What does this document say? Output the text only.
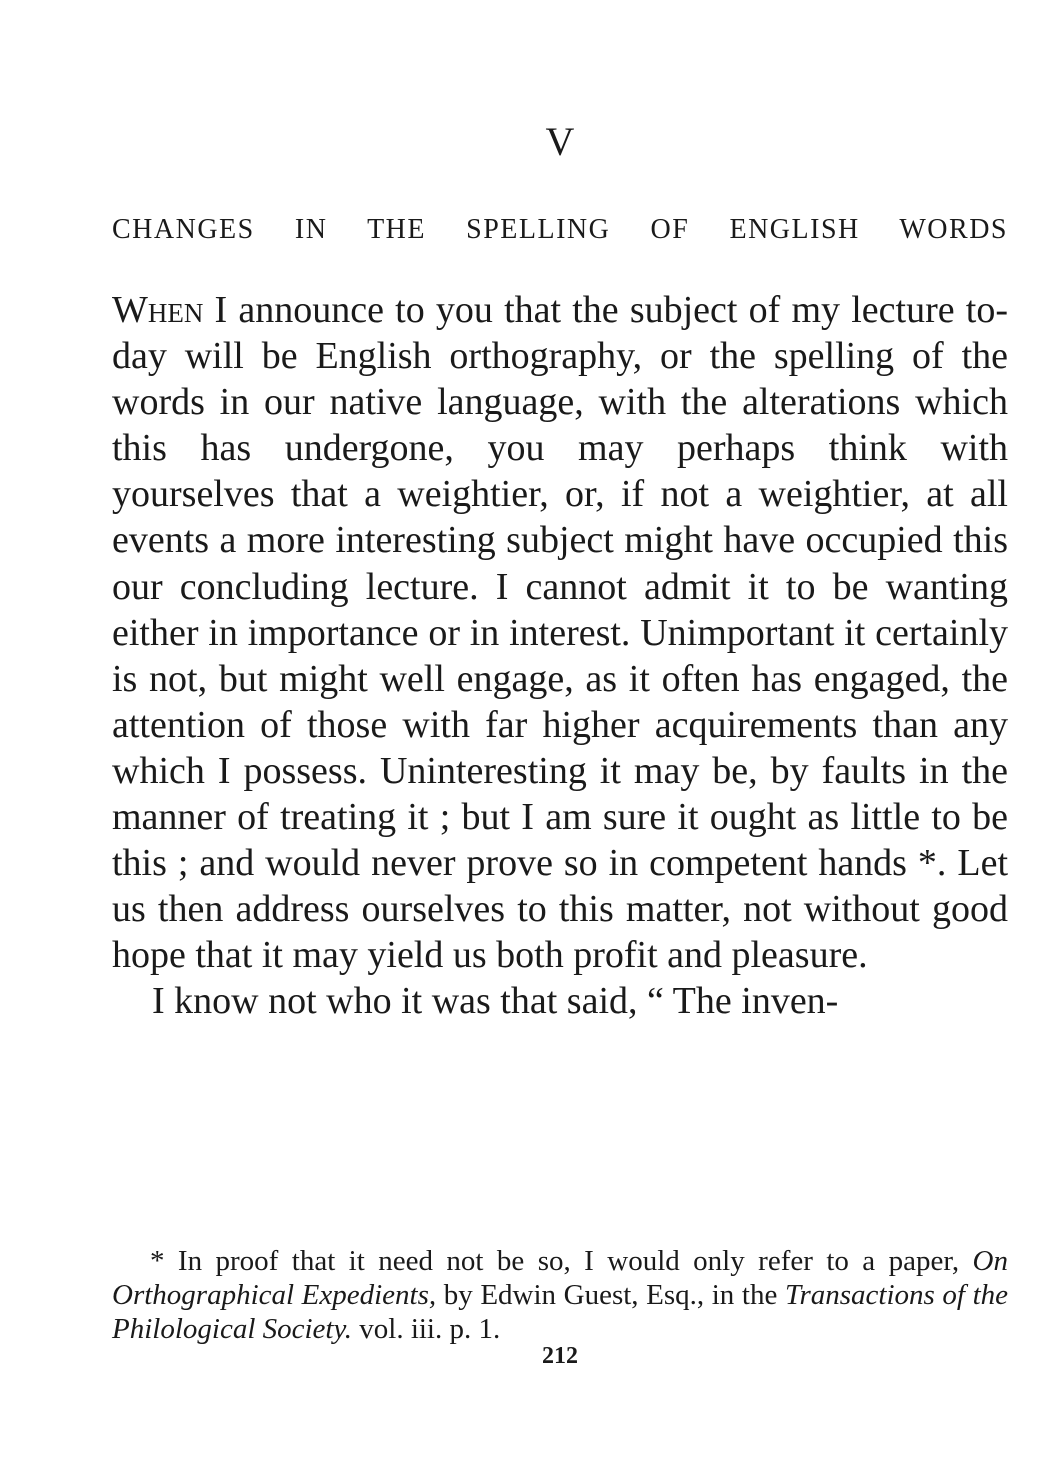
V
CHANGES IN THE SPELLING OF ENGLISH WORDS

When I announce to you that the subject of my lecture to-day will be English orthography, or the spelling of the words in our native language, with the alterations which this has undergone, you may perhaps think with yourselves that a weightier, or, if not a weightier, at all events a more interesting subject might have occupied this our concluding lecture. I cannot admit it to be wanting either in importance or in interest. Unimportant it certainly is not, but might well engage, as it often has engaged, the attention of those with far higher acquirements than any which I possess. Uninteresting it may be, by faults in the manner of treating it ; but I am sure it ought as little to be this ; and would never prove so in competent hands *. Let us then address ourselves to this matter, not without good hope that it may yield us both profit and pleasure.

I know not who it was that said, “ The inven-

* In proof that it need not be so, I would only refer to a paper, On Orthographical Expedients, by Edwin Guest, Esq., in the Transactions of the Philological Society. vol. iii. p. 1.
212
